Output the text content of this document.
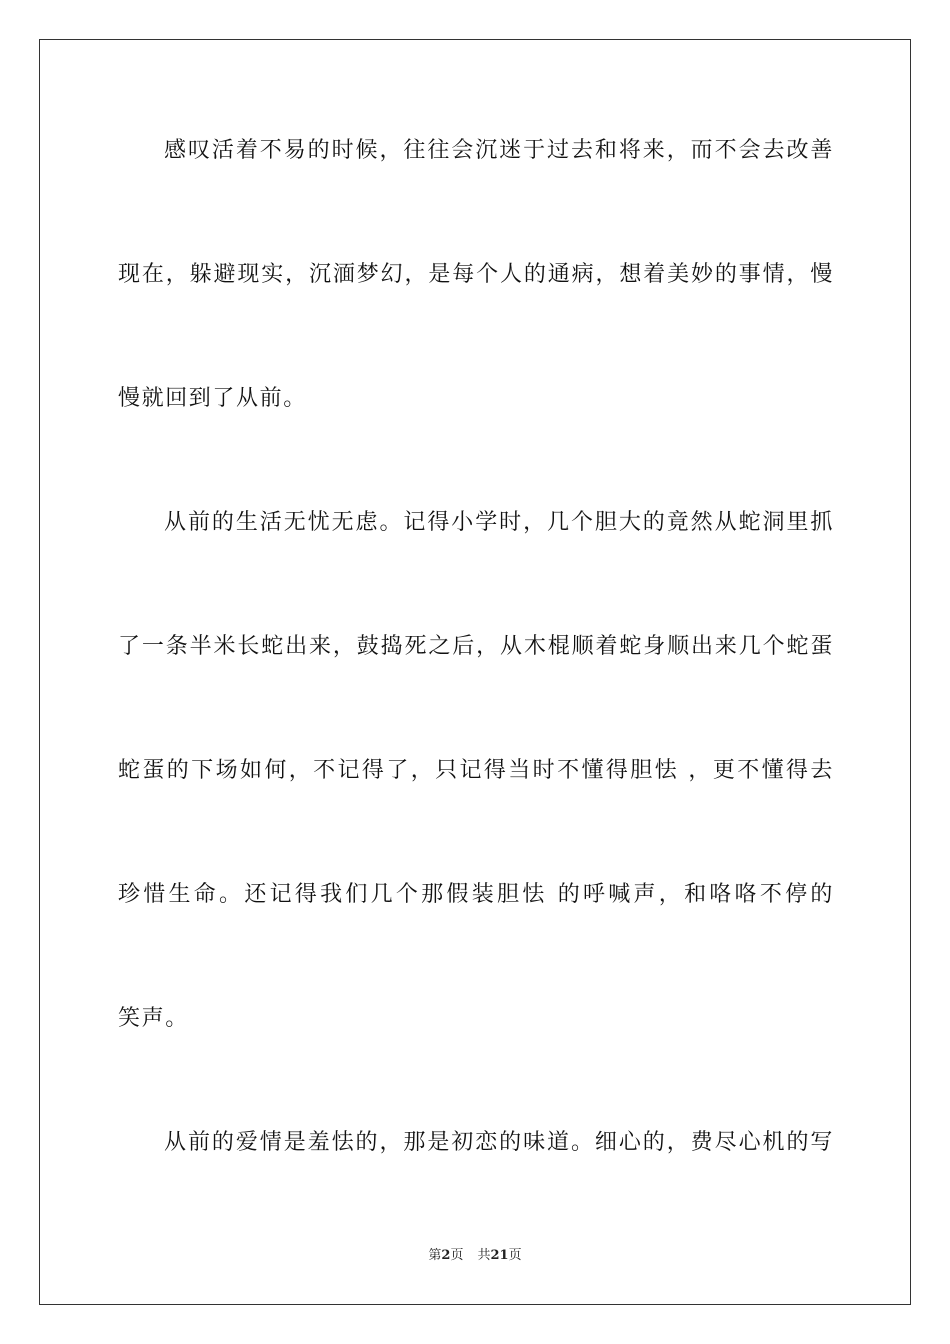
感叹活着不易的时候，往往会沉迷于过去和将来，而不会去改善
现在，躲避现实，沉湎梦幻，是每个人的通病，想着美妙的事情，慢
慢就回到了从前。
从前的生活无忧无虑。记得小学时，几个胆大的竟然从蛇洞里抓
了一条半米长蛇出来，鼓捣死之后，从木棍顺着蛇身顺出来几个蛇蛋
蛇蛋的下场如何，不记得了，只记得当时不懂得胆怯 ，更不懂得去
珍惜生命。还记得我们几个那假装胆怯 的呼喊声，和咯咯不停的
笑声。
从前的爱情是羞怯的，那是初恋的味道。细心的，费尽心机的写
第2页 共21页
